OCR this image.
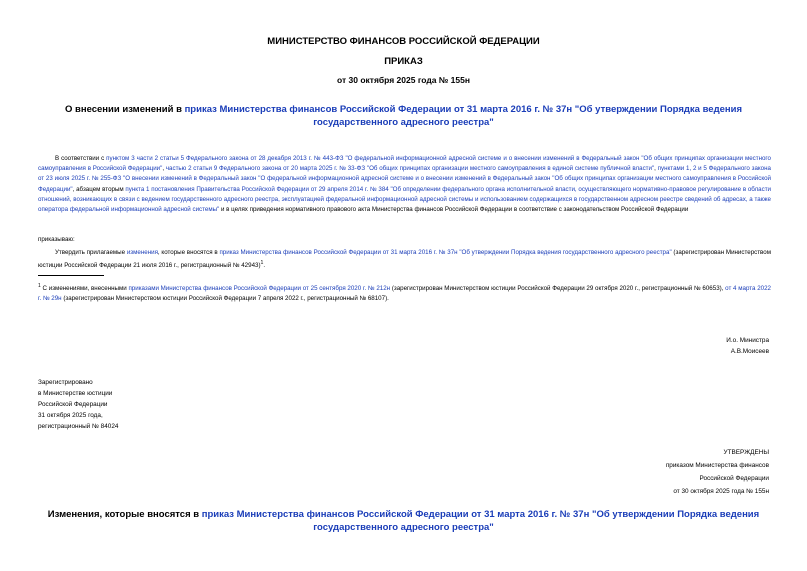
МИНИСТЕРСТВО ФИНАНСОВ РОССИЙСКОЙ ФЕДЕРАЦИИ
ПРИКАЗ
от 30 октября 2025 года № 155н
О внесении изменений в приказ Министерства финансов Российской Федерации от 31 марта 2016 г. № 37н "Об утверждении Порядка ведения государственного адресного реестра"
В соответствии с пунктом 3 части 2 статьи 5 Федерального закона от 28 декабря 2013 г. № 443-ФЗ "О федеральной информационной адресной системе и о внесении изменений в Федеральный закон "Об общих принципах организации местного самоуправления в Российской Федерации", частью 2 статьи 9 Федерального закона от 20 марта 2025 г. № 33-ФЗ "Об общих принципах организации местного самоуправления в единой системе публичной власти", пунктами 1, 2 и 5 Федерального закона от 23 июля 2025 г. № 255-ФЗ "О внесении изменений в Федеральный закон "О федеральной информационной адресной системе и о внесении изменений в Федеральный закон "Об общих принципах организации местного самоуправления в Российской Федерации", абзацем вторым пункта 1 постановления Правительства Российской Федерации от 29 апреля 2014 г. № 384 "Об определении федерального органа исполнительной власти, осуществляющего нормативно-правовое регулирование в области отношений, возникающих в связи с ведением государственного адресного реестра, эксплуатацией федеральной информационной адресной системы и использованием содержащихся в государственном адресном реестре сведений об адресах, а также оператора федеральной информационной адресной системы" и в целях приведения нормативного правового акта Министерства финансов Российской Федерации в соответствие с законодательством Российской Федерации
приказываю:
Утвердить прилагаемые изменения, которые вносятся в приказ Министерства финансов Российской Федерации от 31 марта 2016 г. № 37н "Об утверждении Порядка ведения государственного адресного реестра" (зарегистрирован Министерством юстиции Российской Федерации 21 июля 2016 г., регистрационный № 42943)$^1$.
$^1$ С изменениями, внесенными приказами Министерства финансов Российской Федерации от 25 сентября 2020 г. № 212н (зарегистрирован Министерством юстиции Российской Федерации 29 октября 2020 г., регистрационный № 60653), от 4 марта 2022 г. № 29н (зарегистрирован Министерством юстиции Российской Федерации 7 апреля 2022 г., регистрационный № 68107).
И.о. Министра
А.В.Моисеев
Зарегистрировано
в Министерстве юстиции
Российской Федерации
31 октября 2025 года,
регистрационный № 84024
УТВЕРЖДЕНЫ
приказом Министерства финансов
Российской Федерации
от 30 октября 2025 года № 155н
Изменения, которые вносятся в приказ Министерства финансов Российской Федерации от 31 марта 2016 г. № 37н "Об утверждении Порядка ведения государственного адресного реестра"
